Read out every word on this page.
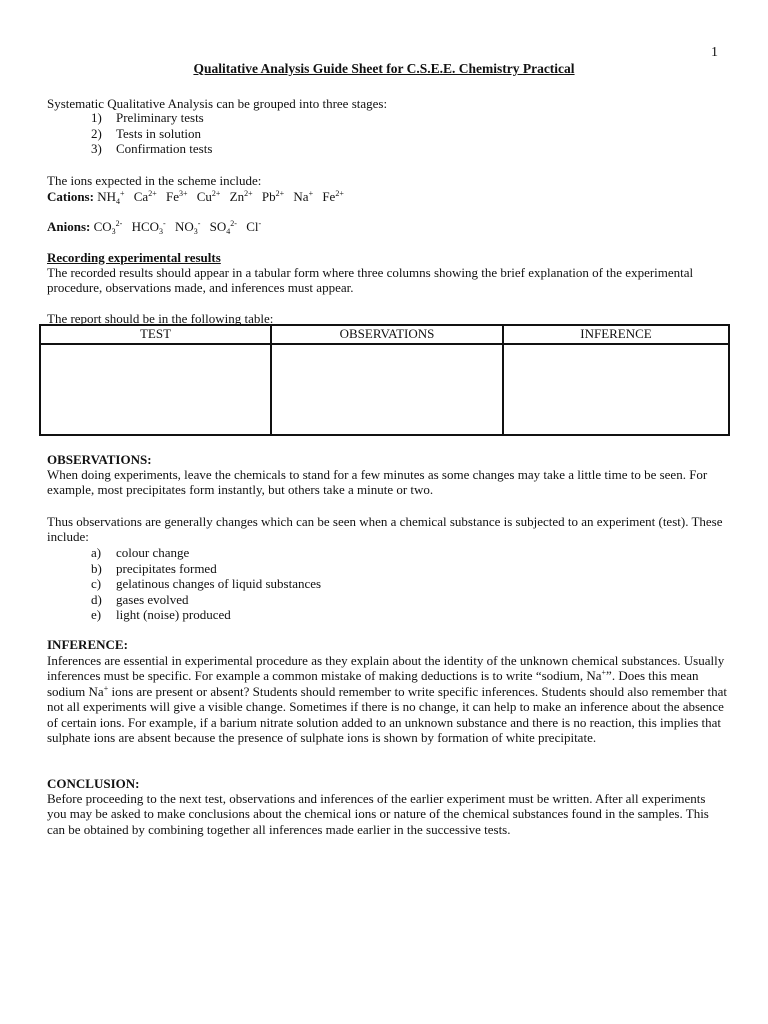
1
Qualitative Analysis Guide Sheet for C.S.E.E. Chemistry Practical
Systematic Qualitative Analysis can be grouped into three stages:
1) Preliminary tests
2) Tests in solution
3) Confirmation tests
The ions expected in the scheme include:
Cations: $NH_4^+$ $Ca^{2+}$ $Fe^{3+}$ $Cu^{2+}$ $Zn^{2+}$ $Pb^{2+}$ Na+ $Fe^{2+}$
Anions: $CO_3^{2-}$ $HCO_3^-$ $NO_3^-$ $SO_4^{2-}$ Cl-
Recording experimental results
The recorded results should appear in a tabular form where three columns showing the brief explanation of the experimental procedure, observations made, and inferences must appear.
The report should be in the following table:
TEST	OBSERVATIONS	INFERENCE

OBSERVATIONS:
When doing experiments, leave the chemicals to stand for a few minutes as some changes may take a little time to be seen. For example, most precipitates form instantly, but others take a minute or two.
Thus observations are generally changes which can be seen when a chemical substance is subjected to an experiment (test). These include:
a) colour change
b) precipitates formed
c) gelatinous changes of liquid substances
d) gases evolved
e) light (noise) produced
INFERENCE:
Inferences are essential in experimental procedure as they explain about the identity of the unknown chemical substances. Usually inferences must be specific. For example a common mistake of making deductions is to write “sodium, Na+”. Does this mean sodium Na+ ions are present or absent? Students should remember to write specific inferences. Students should also remember that not all experiments will give a visible change. Sometimes if there is no change, it can help to make an inference about the absence of certain ions. For example, if a barium nitrate solution added to an unknown substance and there is no reaction, this implies that sulphate ions are absent because the presence of sulphate ions is shown by formation of white precipitate.
CONCLUSION:
Before proceeding to the next test, observations and inferences of the earlier experiment must be written. After all experiments you may be asked to make conclusions about the chemical ions or nature of the chemical substances found in the samples. This can be obtained by combining together all inferences made earlier in the successive tests.
